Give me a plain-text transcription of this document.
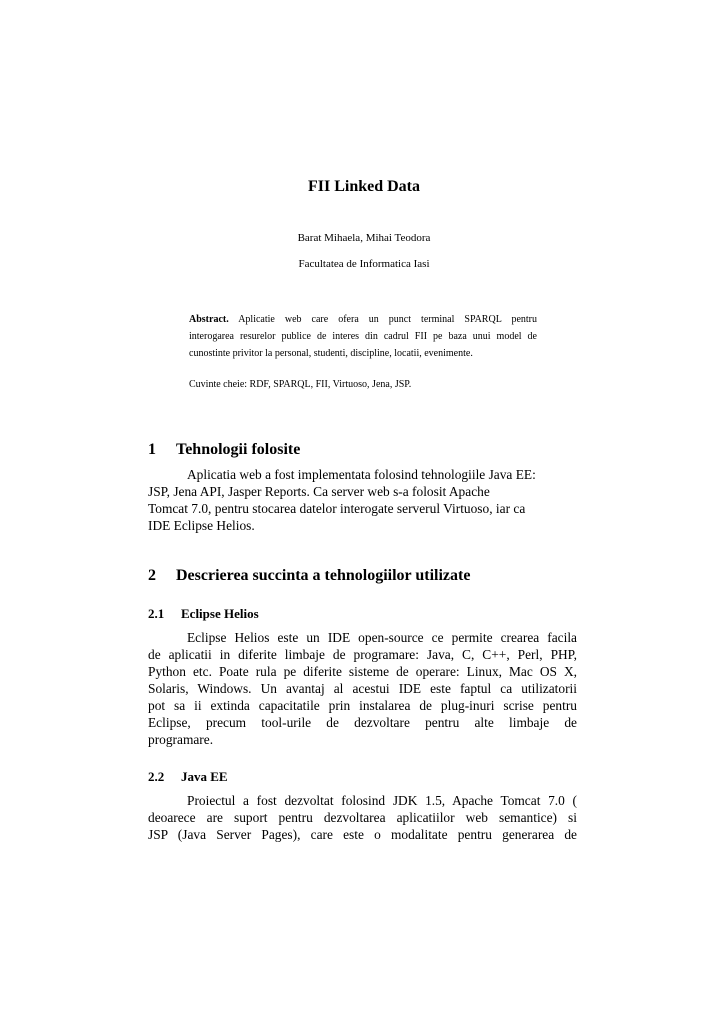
FII Linked Data
Barat Mihaela, Mihai Teodora
Facultatea de Informatica Iasi
Abstract. Aplicatie web care ofera un punct terminal SPARQL pentru
interogarea resurelor publice de interes din cadrul FII pe baza unui model de
cunostinte privitor la personal, studenti, discipline, locatii, evenimente.
Cuvinte cheie: RDF, SPARQL, FII, Virtuoso, Jena, JSP.
1 Tehnologii folosite
Aplicatia web a fost implementata folosind tehnologiile Java EE:
JSP, Jena API, Jasper Reports. Ca server web s-a folosit Apache
Tomcat 7.0, pentru stocarea datelor interogate serverul Virtuoso, iar ca
IDE Eclipse Helios.
2 Descrierea succinta a tehnologiilor utilizate
2.1 Eclipse Helios
Eclipse Helios este un IDE open-source ce permite crearea facila
de aplicatii in diferite limbaje de programare: Java, C, C++, Perl, PHP,
Python etc. Poate rula pe diferite sisteme de operare: Linux, Mac OS X,
Solaris, Windows. Un avantaj al acestui IDE este faptul ca utilizatorii
pot sa ii extinda capacitatile prin instalarea de plug-inuri scrise pentru
Eclipse, precum tool-urile de dezvoltare pentru alte limbaje de
programare.
2.2 Java EE
Proiectul a fost dezvoltat folosind JDK 1.5, Apache Tomcat 7.0 (
deoarece are suport pentru dezvoltarea aplicatiilor web semantice) si
JSP (Java Server Pages), care este o modalitate pentru generarea de
